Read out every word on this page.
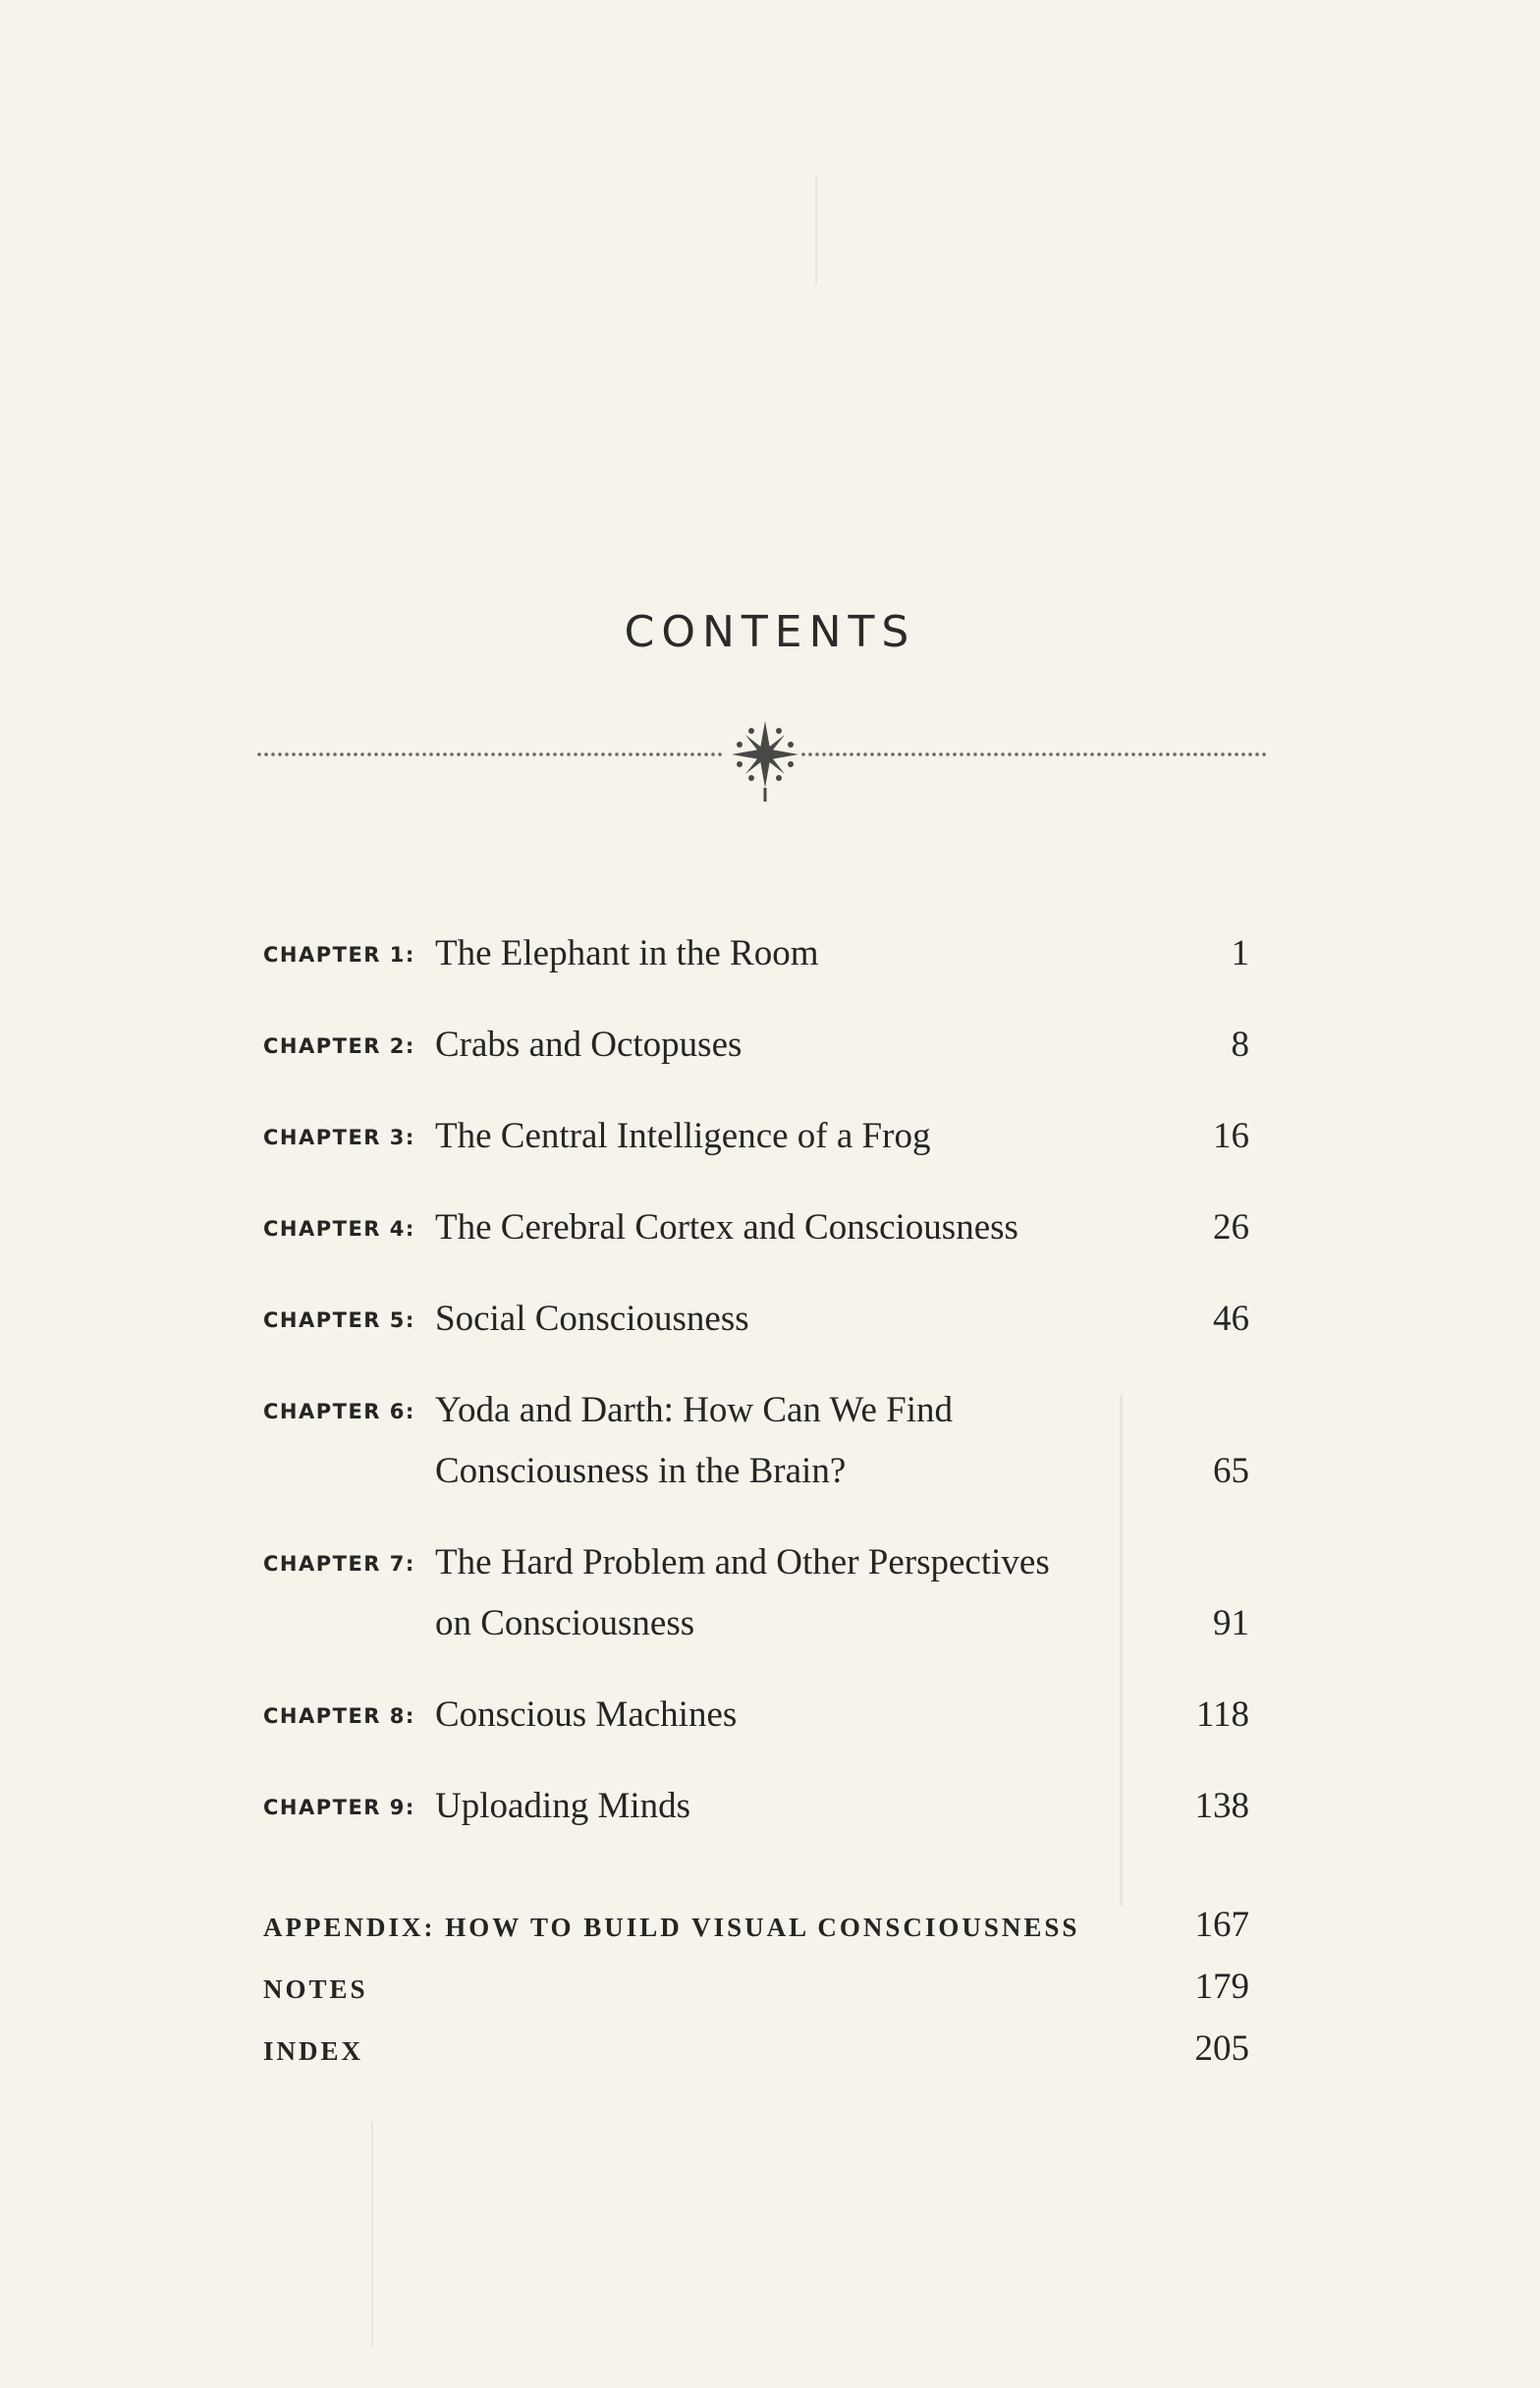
CONTENTS
CHAPTER 1: The Elephant in the Room	1
CHAPTER 2: Crabs and Octopuses	8
CHAPTER 3: The Central Intelligence of a Frog	16
CHAPTER 4: The Cerebral Cortex and Consciousness	26
CHAPTER 5: Social Consciousness	46
CHAPTER 6: Yoda and Darth: How Can We Find
Consciousness in the Brain?	65
CHAPTER 7: The Hard Problem and Other Perspectives
on Consciousness	91
CHAPTER 8: Conscious Machines	118
CHAPTER 9: Uploading Minds	138
APPENDIX: HOW TO BUILD VISUAL CONSCIOUSNESS	167
NOTES	179
INDEX	205
